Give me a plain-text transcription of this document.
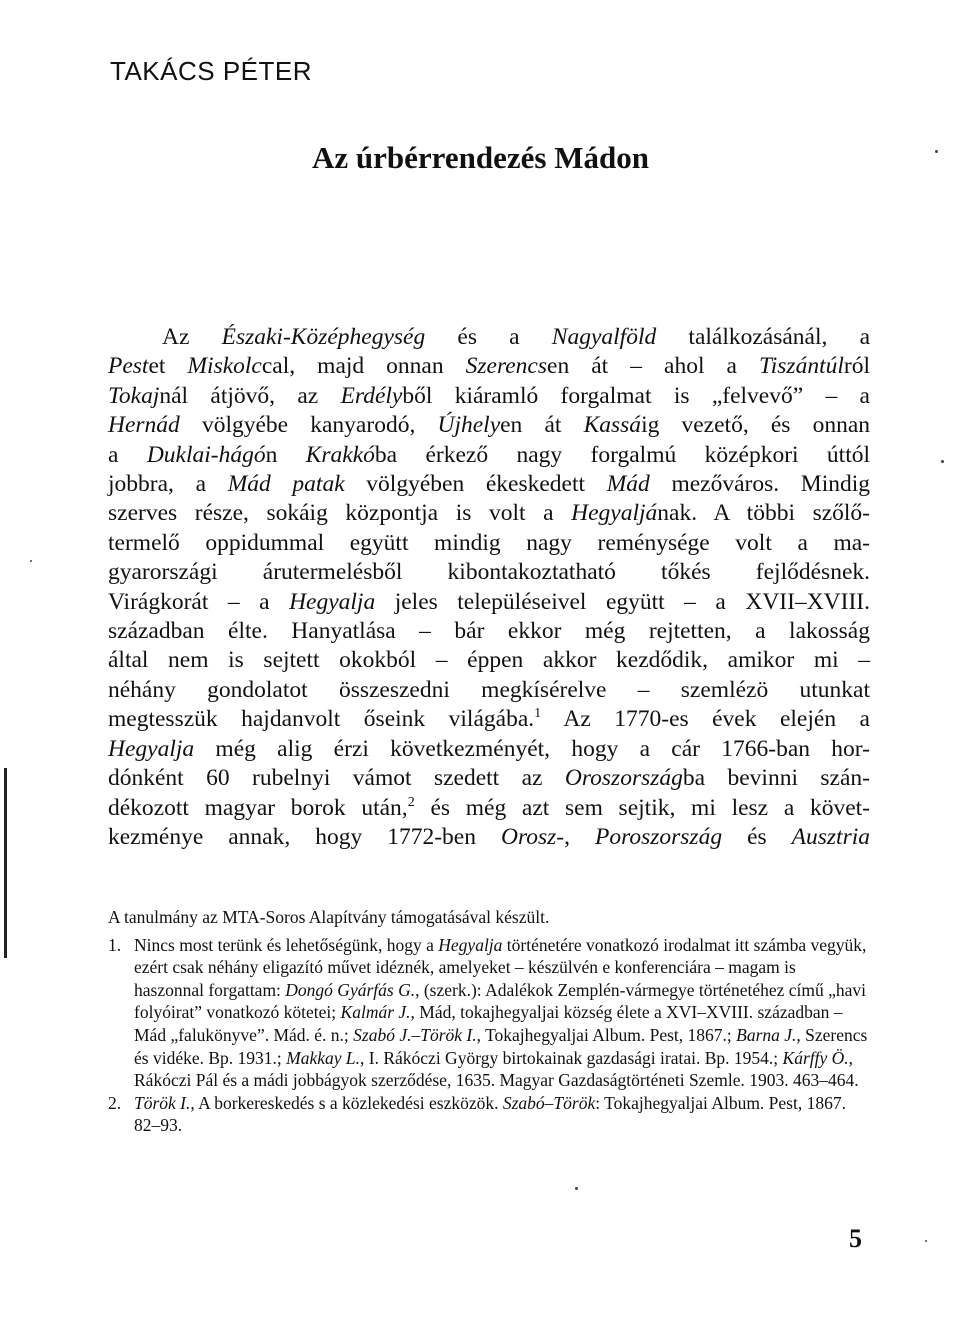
TAKÁCS PÉTER
Az úrbérrendezés Mádon
Az Északi-Középhegység és a Nagyalföld találkozásánál, a
Pestet Miskolccal, majd onnan Szerencsen át – ahol a Tiszántúlról
Tokajnál átjövő, az Erdélyből kiáramló forgalmat is „felvevő” – a
Hernád völgyébe kanyarodó, Újhelyen át Kassáig vezető, és onnan
a Duklai-hágón Krakkóba érkező nagy forgalmú középkori úttól
jobbra, a Mád patak völgyében ékeskedett Mád mezőváros. Mindig
szerves része, sokáig központja is volt a Hegyaljának. A többi szőlő-
termelő oppidummal együtt mindig nagy reménysége volt a ma-
gyarországi árutermelésből kibontakoztatható tőkés fejlődésnek.
Virágkorát – a Hegyalja jeles településeivel együtt – a XVII–XVIII.
században élte. Hanyatlása – bár ekkor még rejtetten, a lakosság
által nem is sejtett okokból – éppen akkor kezdődik, amikor mi –
néhány gondolatot összeszedni megkísérelve – szemlézö utunkat
megtesszük hajdanvolt őseink világába.$^1$ Az 1770-es évek elején a
Hegyalja még alig érzi következményét, hogy a cár 1766-ban hor-
dónként 60 rubelnyi vámot szedett az Oroszországba bevinni szán-
dékozott magyar borok után,$^2$ és még azt sem sejtik, mi lesz a követ-
kezménye annak, hogy 1772-ben Orosz-, Poroszország és Ausztria
A tanulmány az MTA-Soros Alapítvány támogatásával készült.
1. Nincs most terünk és lehetőségünk, hogy a Hegyalja történetére vonatkozó irodalmat itt számba vegyük, ezért csak néhány eligazító művet idéznék, amelyeket – készülvén e konferenciára – magam is haszonnal forgattam: Dongó Gyárfás G., (szerk.): Adalékok Zemplén-vármegye történetéhez című „havi folyóirat” vonatkozó kötetei; Kalmár J., Mád, tokajhegyaljai község élete a XVI–XVIII. században – Mád „falukönyve”. Mád. é. n.; Szabó J.–Török I., Tokajhegyaljai Album. Pest, 1867.; Barna J., Szerencs és vidéke. Bp. 1931.; Makkay L., I. Rákóczi György birtokainak gazdasági iratai. Bp. 1954.; Kárffy Ö., Rákóczi Pál és a mádi jobbágyok szerződése, 1635. Magyar Gazdaságtörténeti Szemle. 1903. 463–464.
2. Török I., A borkereskedés s a közlekedési eszközök. Szabó–Török: Tokajhegyaljai Album. Pest, 1867. 82–93.
5
